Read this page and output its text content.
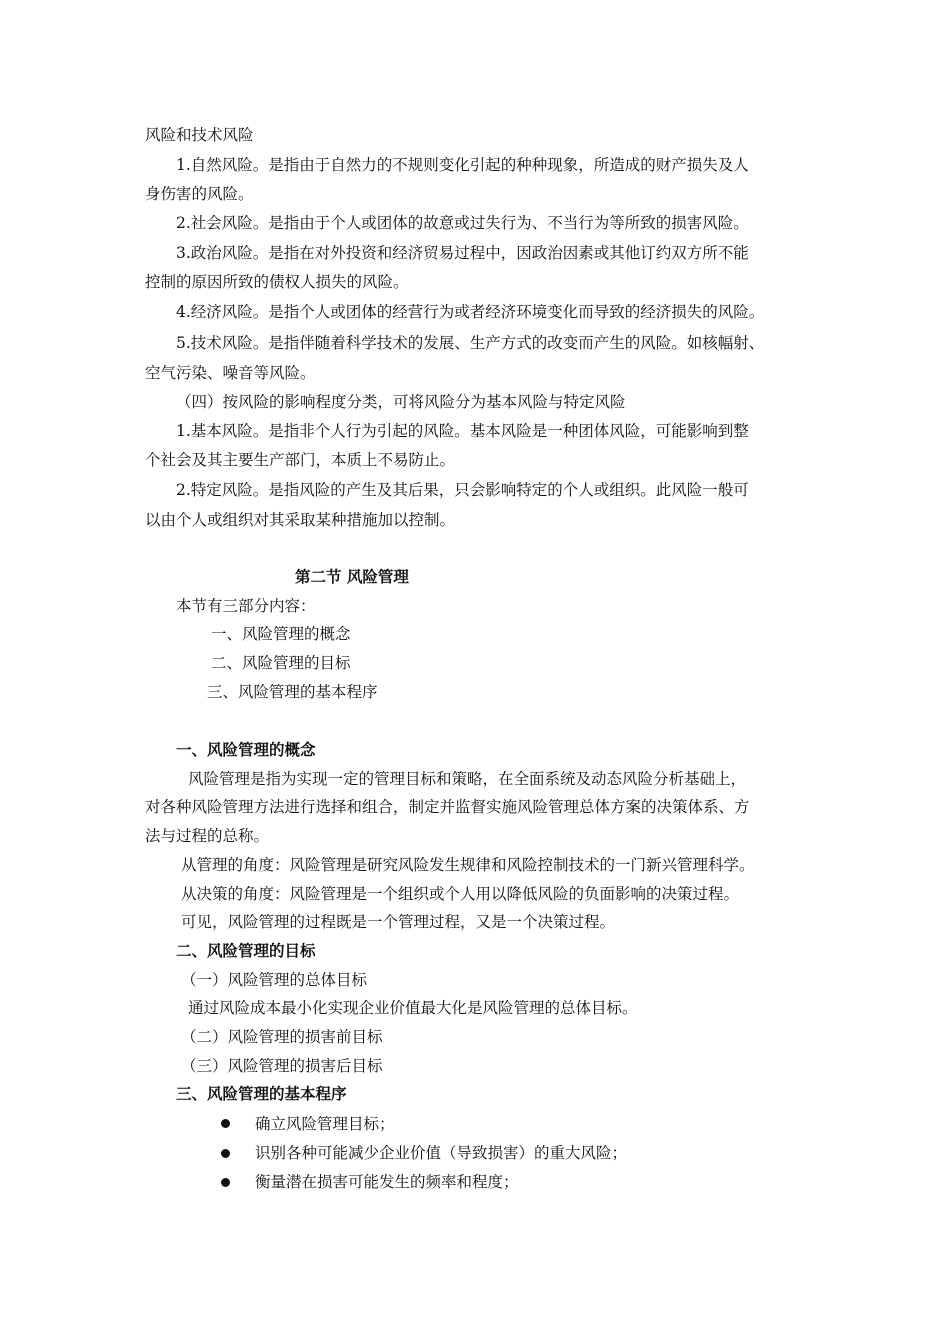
风险和技术风险
1.自然风险。是指由于自然力的不规则变化引起的种种现象，所造成的财产损失及人
身伤害的风险。
2.社会风险。是指由于个人或团体的故意或过失行为、不当行为等所致的损害风险。
3.政治风险。是指在对外投资和经济贸易过程中，因政治因素或其他订约双方所不能
控制的原因所致的债权人损失的风险。
4.经济风险。是指个人或团体的经营行为或者经济环境变化而导致的经济损失的风险。
5.技术风险。是指伴随着科学技术的发展、生产方式的改变而产生的风险。如核幅射、
空气污染、噪音等风险。
（四）按风险的影响程度分类，可将风险分为基本风险与特定风险
1.基本风险。是指非个人行为引起的风险。基本风险是一种团体风险，可能影响到整
个社会及其主要生产部门，本质上不易防止。
2.特定风险。是指风险的产生及其后果，只会影响特定的个人或组织。此风险一般可
以由个人或组织对其采取某种措施加以控制。
第二节 风险管理
本节有三部分内容：
一、风险管理的概念
二、风险管理的目标
三、风险管理的基本程序
一、风险管理的概念
风险管理是指为实现一定的管理目标和策略，在全面系统及动态风险分析基础上，
对各种风险管理方法进行选择和组合，制定并监督实施风险管理总体方案的决策体系、方
法与过程的总称。
从管理的角度：风险管理是研究风险发生规律和风险控制技术的一门新兴管理科学。
从决策的角度：风险管理是一个组织或个人用以降低风险的负面影响的决策过程。
可见，风险管理的过程既是一个管理过程，又是一个决策过程。
二、风险管理的目标
（一）风险管理的总体目标
通过风险成本最小化实现企业价值最大化是风险管理的总体目标。
（二）风险管理的损害前目标
（三）风险管理的损害后目标
三、风险管理的基本程序
确立风险管理目标；
识别各种可能减少企业价值（导致损害）的重大风险；
衡量潜在损害可能发生的频率和程度；
